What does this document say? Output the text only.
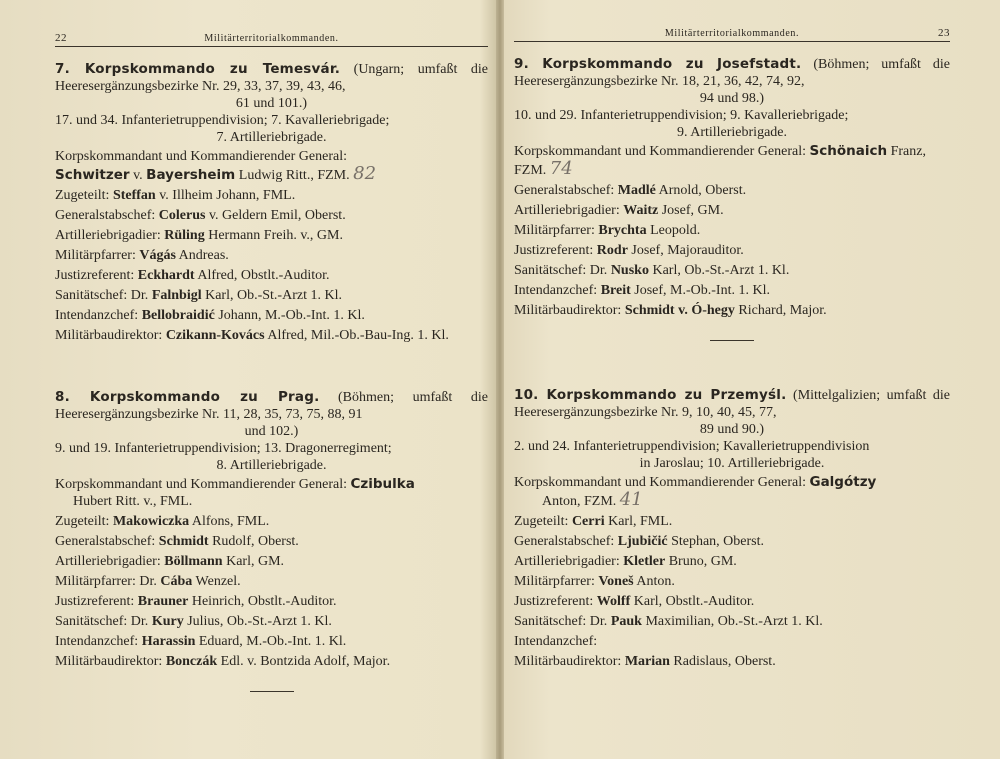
22	Militärterritorialkommanden.

7. Korpskommando zu Temesvár. (Ungarn; umfaßt die Heeresergänzungsbezirke Nr. 29, 33, 37, 39, 43, 46,
61 und 101.)

17. und 34. Infanterietruppendivision; 7. Kavalleriebrigade;
7. Artilleriebrigade.

Korpskommandant und Kommandierender General:
Schwitzer v. Bayersheim Ludwig Ritt., FZM. 82

Zugeteilt: Steffan v. Illheim Johann, FML.

Generalstabschef: Colerus v. Geldern Emil, Oberst.

Artilleriebrigadier: Rüling Hermann Freih. v., GM.

Militärpfarrer: Vágás Andreas.

Justizreferent: Eckhardt Alfred, Obstlt.-Auditor.

Sanitätschef: Dr. Falnbigl Karl, Ob.-St.-Arzt 1. Kl.

Intendanzchef: Bellobraidić Johann, M.-Ob.-Int. 1. Kl.

Militärbaudirektor: Czikann-Kovács Alfred, Mil.-Ob.-Bau-Ing. 1. Kl.

8. Korpskommando zu Prag. (Böhmen; umfaßt die Heeresergänzungsbezirke Nr. 11, 28, 35, 73, 75, 88, 91
und 102.)

9. und 19. Infanterietruppendivision; 13. Dragonerregiment;
8. Artilleriebrigade.

Korpskommandant und Kommandierender General: Czibulka
Hubert Ritt. v., FML.

Zugeteilt: Makowiczka Alfons, FML.

Generalstabschef: Schmidt Rudolf, Oberst.

Artilleriebrigadier: Böllmann Karl, GM.

Militärpfarrer: Dr. Cába Wenzel.

Justizreferent: Brauner Heinrich, Obstlt.-Auditor.

Sanitätschef: Dr. Kury Julius, Ob.-St.-Arzt 1. Kl.

Intendanzchef: Harassin Eduard, M.-Ob.-Int. 1. Kl.

Militärbaudirektor: Bonczák Edl. v. Bontzida Adolf, Major.

Militärterritorialkommanden.	23

9. Korpskommando zu Josefstadt. (Böhmen; umfaßt die Heeresergänzungsbezirke Nr. 18, 21, 36, 42, 74, 92,
94 und 98.)

10. und 29. Infanterietruppendivision; 9. Kavalleriebrigade;
9. Artilleriebrigade.

Korpskommandant und Kommandierender General: Schönaich Franz, FZM. 74

Generalstabschef: Madlé Arnold, Oberst.

Artilleriebrigadier: Waitz Josef, GM.

Militärpfarrer: Brychta Leopold.

Justizreferent: Rodr Josef, Majorauditor.

Sanitätschef: Dr. Nusko Karl, Ob.-St.-Arzt 1. Kl.

Intendanzchef: Breit Josef, M.-Ob.-Int. 1. Kl.

Militärbaudirektor: Schmidt v. Ó-hegy Richard, Major.

10. Korpskommando zu Przemyśl. (Mittelgalizien; umfaßt die Heeresergänzungsbezirke Nr. 9, 10, 40, 45, 77,
89 und 90.)

2. und 24. Infanterietruppendivision; Kavallerietruppendivision
in Jaroslau; 10. Artilleriebrigade.

Korpskommandant und Kommandierender General: Galgótzy
Anton, FZM. 41

Zugeteilt: Cerri Karl, FML.

Generalstabschef: Ljubičić Stephan, Oberst.

Artilleriebrigadier: Kletler Bruno, GM.

Militärpfarrer: Voneš Anton.

Justizreferent: Wolff Karl, Obstlt.-Auditor.

Sanitätschef: Dr. Pauk Maximilian, Ob.-St.-Arzt 1. Kl.

Intendanzchef:

Militärbaudirektor: Marian Radislaus, Oberst.
